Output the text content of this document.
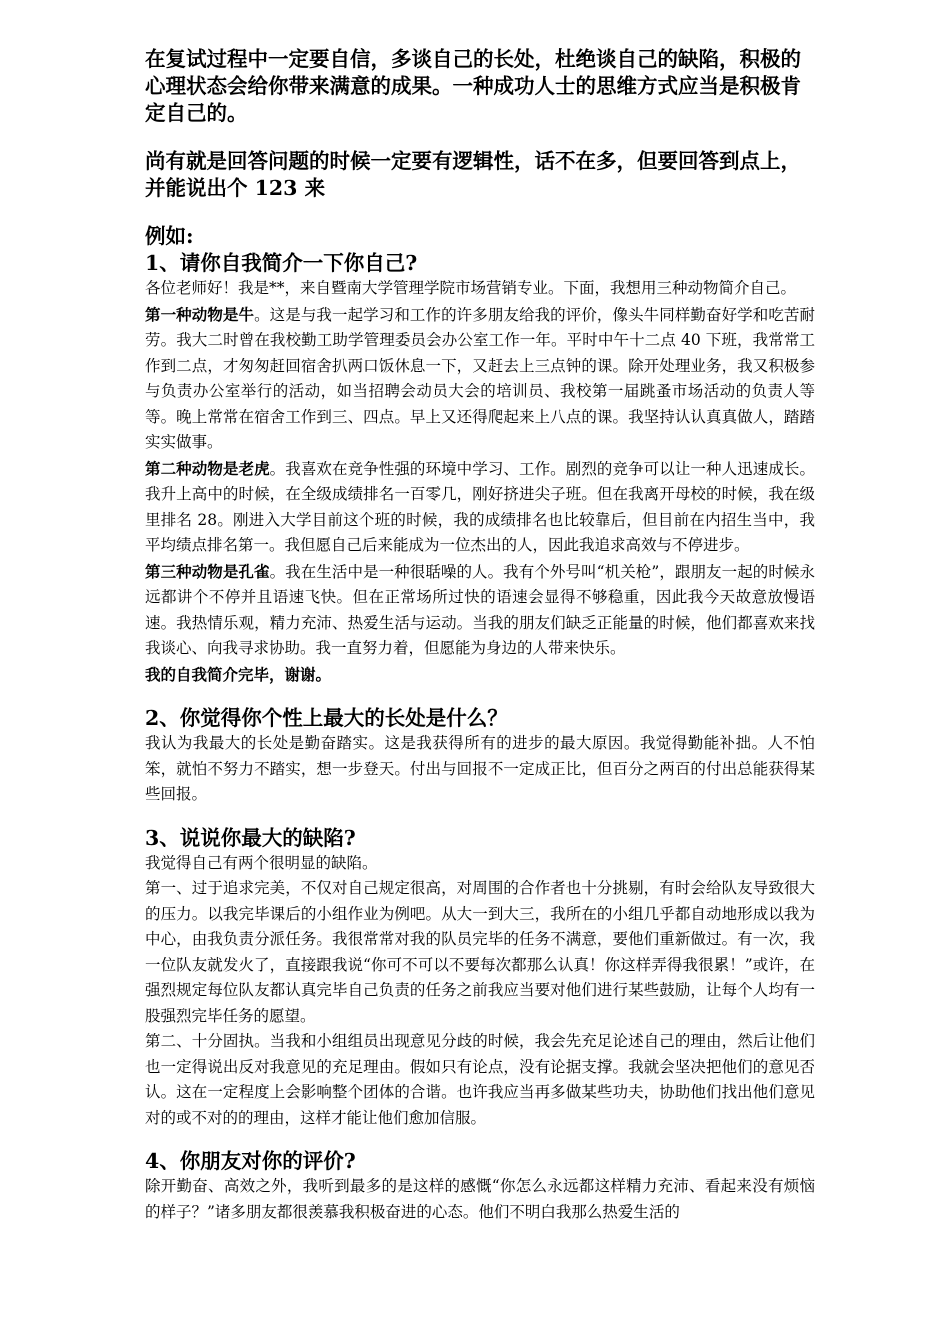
在复试过程中一定要自信，多谈自己的长处，杜绝谈自己的缺陷，积极的心理状态会给你带来满意的成果。一种成功人士的思维方式应当是积极肯定自己的。

尚有就是回答问题的时候一定要有逻辑性，话不在多，但要回答到点上，并能说出个 123 来

例如:

1、请你自我简介一下你自己?

各位老师好！我是**，来自暨南大学管理学院市场营销专业。下面，我想用三种动物简介自己。

第一种动物是牛。这是与我一起学习和工作的许多朋友给我的评价，像头牛同样勤奋好学和吃苦耐劳。我大二时曾在我校勤工助学管理委员会办公室工作一年。平时中午十二点 40 下班，我常常工作到二点，才匆匆赶回宿舍扒两口饭休息一下，又赶去上三点钟的课。除开处理业务，我又积极参与负责办公室举行的活动，如当招聘会动员大会的培训员、我校第一届跳蚤市场活动的负责人等等。晚上常常在宿舍工作到三、四点。早上又还得爬起来上八点的课。我坚持认认真真做人，踏踏实实做事。

第二种动物是老虎。我喜欢在竞争性强的环境中学习、工作。剧烈的竞争可以让一种人迅速成长。我升上高中的时候，在全级成绩排名一百零几，刚好挤进尖子班。但在我离开母校的时候，我在级里排名 28。刚进入大学目前这个班的时候，我的成绩排名也比较靠后，但目前在内招生当中，我平均绩点排名第一。我但愿自己后来能成为一位杰出的人，因此我追求高效与不停进步。

第三种动物是孔雀。我在生活中是一种很聒噪的人。我有个外号叫“机关枪”，跟朋友一起的时候永远都讲个不停并且语速飞快。但在正常场所过快的语速会显得不够稳重，因此我今天故意放慢语速。我热情乐观，精力充沛、热爱生活与运动。当我的朋友们缺乏正能量的时候，他们都喜欢来找我谈心、向我寻求协助。我一直努力着，但愿能为身边的人带来快乐。

我的自我简介完毕，谢谢。

2、你觉得你个性上最大的长处是什么？

我认为我最大的长处是勤奋踏实。这是我获得所有的进步的最大原因。我觉得勤能补拙。人不怕笨，就怕不努力不踏实，想一步登天。付出与回报不一定成正比，但百分之两百的付出总能获得某些回报。

3、说说你最大的缺陷?

我觉得自己有两个很明显的缺陷。

第一、过于追求完美，不仅对自己规定很高，对周围的合作者也十分挑剔，有时会给队友导致很大的压力。以我完毕课后的小组作业为例吧。从大一到大三，我所在的小组几乎都自动地形成以我为中心，由我负责分派任务。我很常常对我的队员完毕的任务不满意，要他们重新做过。有一次，我一位队友就发火了，直接跟我说“你可不可以不要每次都那么认真！你这样弄得我很累！”或许，在强烈规定每位队友都认真完毕自己负责的任务之前我应当要对他们进行某些鼓励，让每个人均有一股强烈完毕任务的愿望。

第二、十分固执。当我和小组组员出现意见分歧的时候，我会先充足论述自己的理由，然后让他们也一定得说出反对我意见的充足理由。假如只有论点，没有论据支撑。我就会坚决把他们的意见否认。这在一定程度上会影响整个团体的合谐。也许我应当再多做某些功夫，协助他们找出他们意见对的或不对的的理由，这样才能让他们愈加信服。

4、你朋友对你的评价?

除开勤奋、高效之外，我听到最多的是这样的感慨“你怎么永远都这样精力充沛、看起来没有烦恼的样子？”诸多朋友都很羡慕我积极奋进的心态。他们不明白我那么热爱生活的
